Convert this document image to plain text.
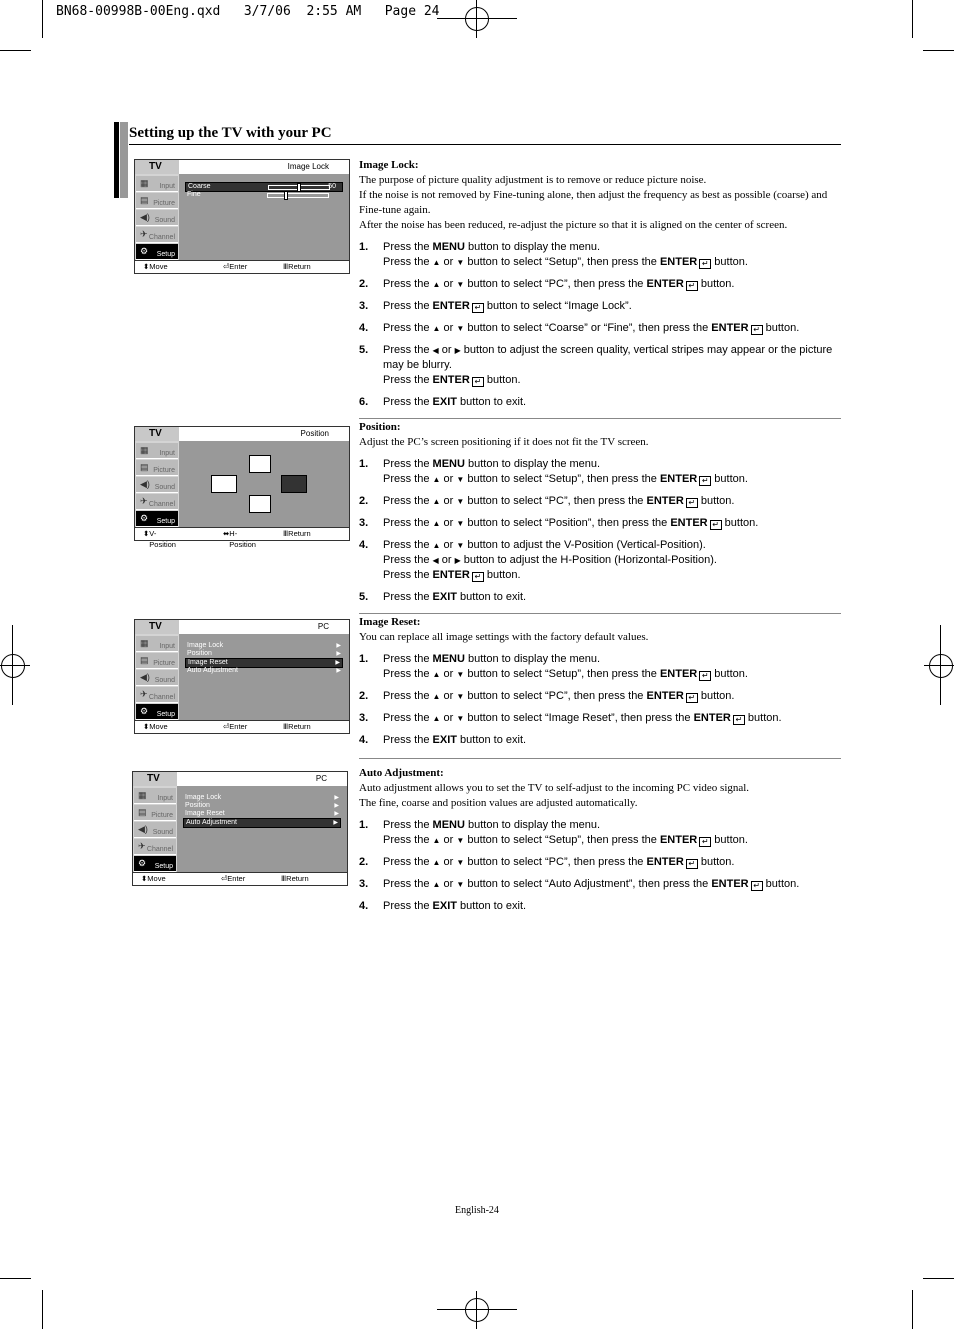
BN68-00998B-00Eng.qxd   3/7/06  2:55 AM   Page 24
Setting up the TV with your PC
TV	Image Lock
▦ Input
▤ Picture
◀) Sound
✈ Channel
⚙ Setup
Coarse	50
Fine
⬍ Move	⏎ Enter	Ⅲ Return
TV	Position
▦ Input
▤ Picture
◀) Sound
✈ Channel
⚙ Setup
⬍ V-Position
⬌ H-Position
Ⅲ Return
TV	PC
▦ Input
▤ Picture
◀) Sound
✈ Channel
⚙ Setup
Image Lock	▶
Position	▶
Image Reset	▶
Auto Adjustment	▶
⬍ Move	⏎ Enter	Ⅲ Return
TV	PC
▦ Input
▤ Picture
◀) Sound
✈ Channel
⚙ Setup
Image Lock	▶
Position	▶
Image Reset	▶
Auto Adjustment	▶
⬍ Move	⏎ Enter	Ⅲ Return
Image Lock:
The purpose of picture quality adjustment is to remove or reduce picture noise.
If the noise is not removed by Fine-tuning alone, then adjust the frequency as best as possible (coarse) and Fine-tune again.
After the noise has been reduced, re-adjust the picture so that it is aligned on the center of screen.
1. Press the MENU button to display the menu.
Press the ▲ or ▼ button to select “Setup”, then press the ENTER ↵ button.
2. Press the ▲ or ▼ button to select “PC”, then press the ENTER ↵ button.
3. Press the ENTER ↵ button to select “Image Lock”.
4. Press the ▲ or ▼ button to select “Coarse” or “Fine”, then press the ENTER ↵ button.
5. Press the ◀ or ▶ button to adjust the screen quality, vertical stripes may appear or the picture may be blurry.
Press the ENTER ↵ button.
6. Press the EXIT button to exit.
Position:
Adjust the PC’s screen positioning if it does not fit the TV screen.
1. Press the MENU button to display the menu.
Press the ▲ or ▼ button to select “Setup”, then press the ENTER ↵ button.
2. Press the ▲ or ▼ button to select “PC”, then press the ENTER ↵ button.
3. Press the ▲ or ▼ button to select “Position”, then press the ENTER ↵ button.
4. Press the ▲ or ▼ button to adjust the V-Position (Vertical-Position).
Press the ◀ or ▶ button to adjust the H-Position (Horizontal-Position).
Press the ENTER ↵ button.
5. Press the EXIT button to exit.
Image Reset:
You can replace all image settings with the factory default values.
1. Press the MENU button to display the menu.
Press the ▲ or ▼ button to select “Setup”, then press the ENTER ↵ button.
2. Press the ▲ or ▼ button to select “PC”, then press the ENTER ↵ button.
3. Press the ▲ or ▼ button to select “Image Reset”, then press the ENTER ↵ button.
4. Press the EXIT button to exit.
Auto Adjustment:
Auto adjustment allows you to set the TV to self-adjust to the incoming PC video signal.
The fine, coarse and position values are adjusted automatically.
1. Press the MENU button to display the menu.
Press the ▲ or ▼ button to select “Setup”, then press the ENTER ↵ button.
2. Press the ▲ or ▼ button to select “PC”, then press the ENTER ↵ button.
3. Press the ▲ or ▼ button to select “Auto Adjustment”, then press the ENTER ↵ button.
4. Press the EXIT button to exit.
English-24
